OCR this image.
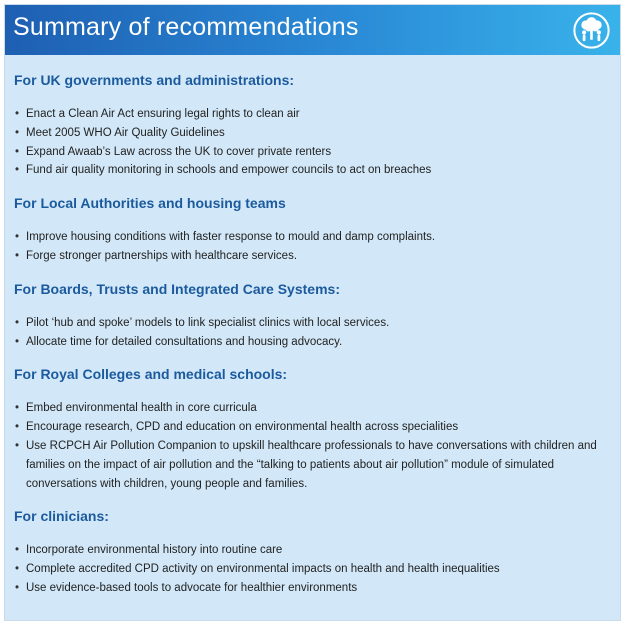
Summary of recommendations
For UK governments and administrations:
• Enact a Clean Air Act ensuring legal rights to clean air
• Meet 2005 WHO Air Quality Guidelines
• Expand Awaab’s Law across the UK to cover private renters
• Fund air quality monitoring in schools and empower councils to act on breaches
For Local Authorities and housing teams
• Improve housing conditions with faster response to mould and damp complaints.
• Forge stronger partnerships with healthcare services.
For Boards, Trusts and Integrated Care Systems:
• Pilot ‘hub and spoke’ models to link specialist clinics with local services.
• Allocate time for detailed consultations and housing advocacy.
For Royal Colleges and medical schools:
• Embed environmental health in core curricula
• Encourage research, CPD and education on environmental health across specialities
• Use RCPCH Air Pollution Companion to upskill healthcare professionals to have conversations with children and families on the impact of air pollution and the “talking to patients about air pollution” module of simulated conversations with children, young people and families.
For clinicians:
• Incorporate environmental history into routine care
• Complete accredited CPD activity on environmental impacts on health and health inequalities
• Use evidence-based tools to advocate for healthier environments
